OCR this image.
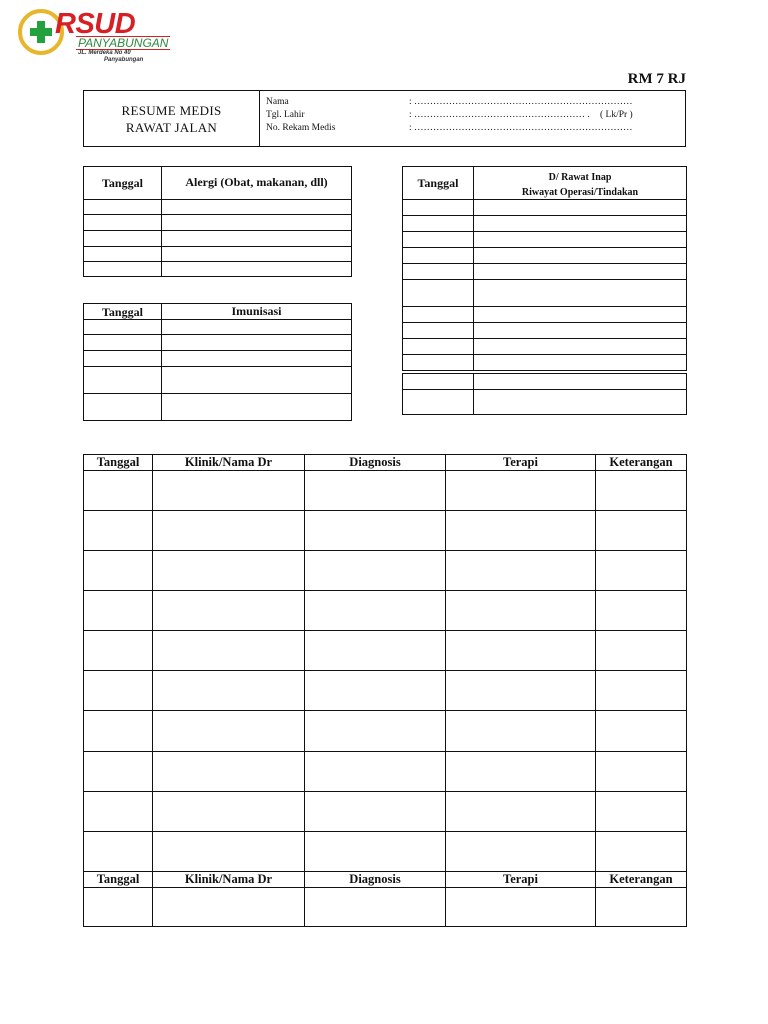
RSUD
PANYABUNGAN
JL. Merdeka No 40
Panyabungan
RM 7 RJ
RESUME MEDIS
RAWAT JALAN
Nama	: ……………………………………………………………
Tgl. Lahir	: ……………………………………………… . ( Lk/Pr )
No. Rekam Medis	: ……………………………………………………………
Tanggal	Alergi (Obat, makanan, dll)

Tanggal	Imunisasi

Tanggal	D/ Rawat Inap
Riwayat Operasi/Tindakan

Tanggal	Klinik/Nama Dr	Diagnosis	Terapi	Keterangan

Tanggal	Klinik/Nama Dr	Diagnosis	Terapi	Keterangan
